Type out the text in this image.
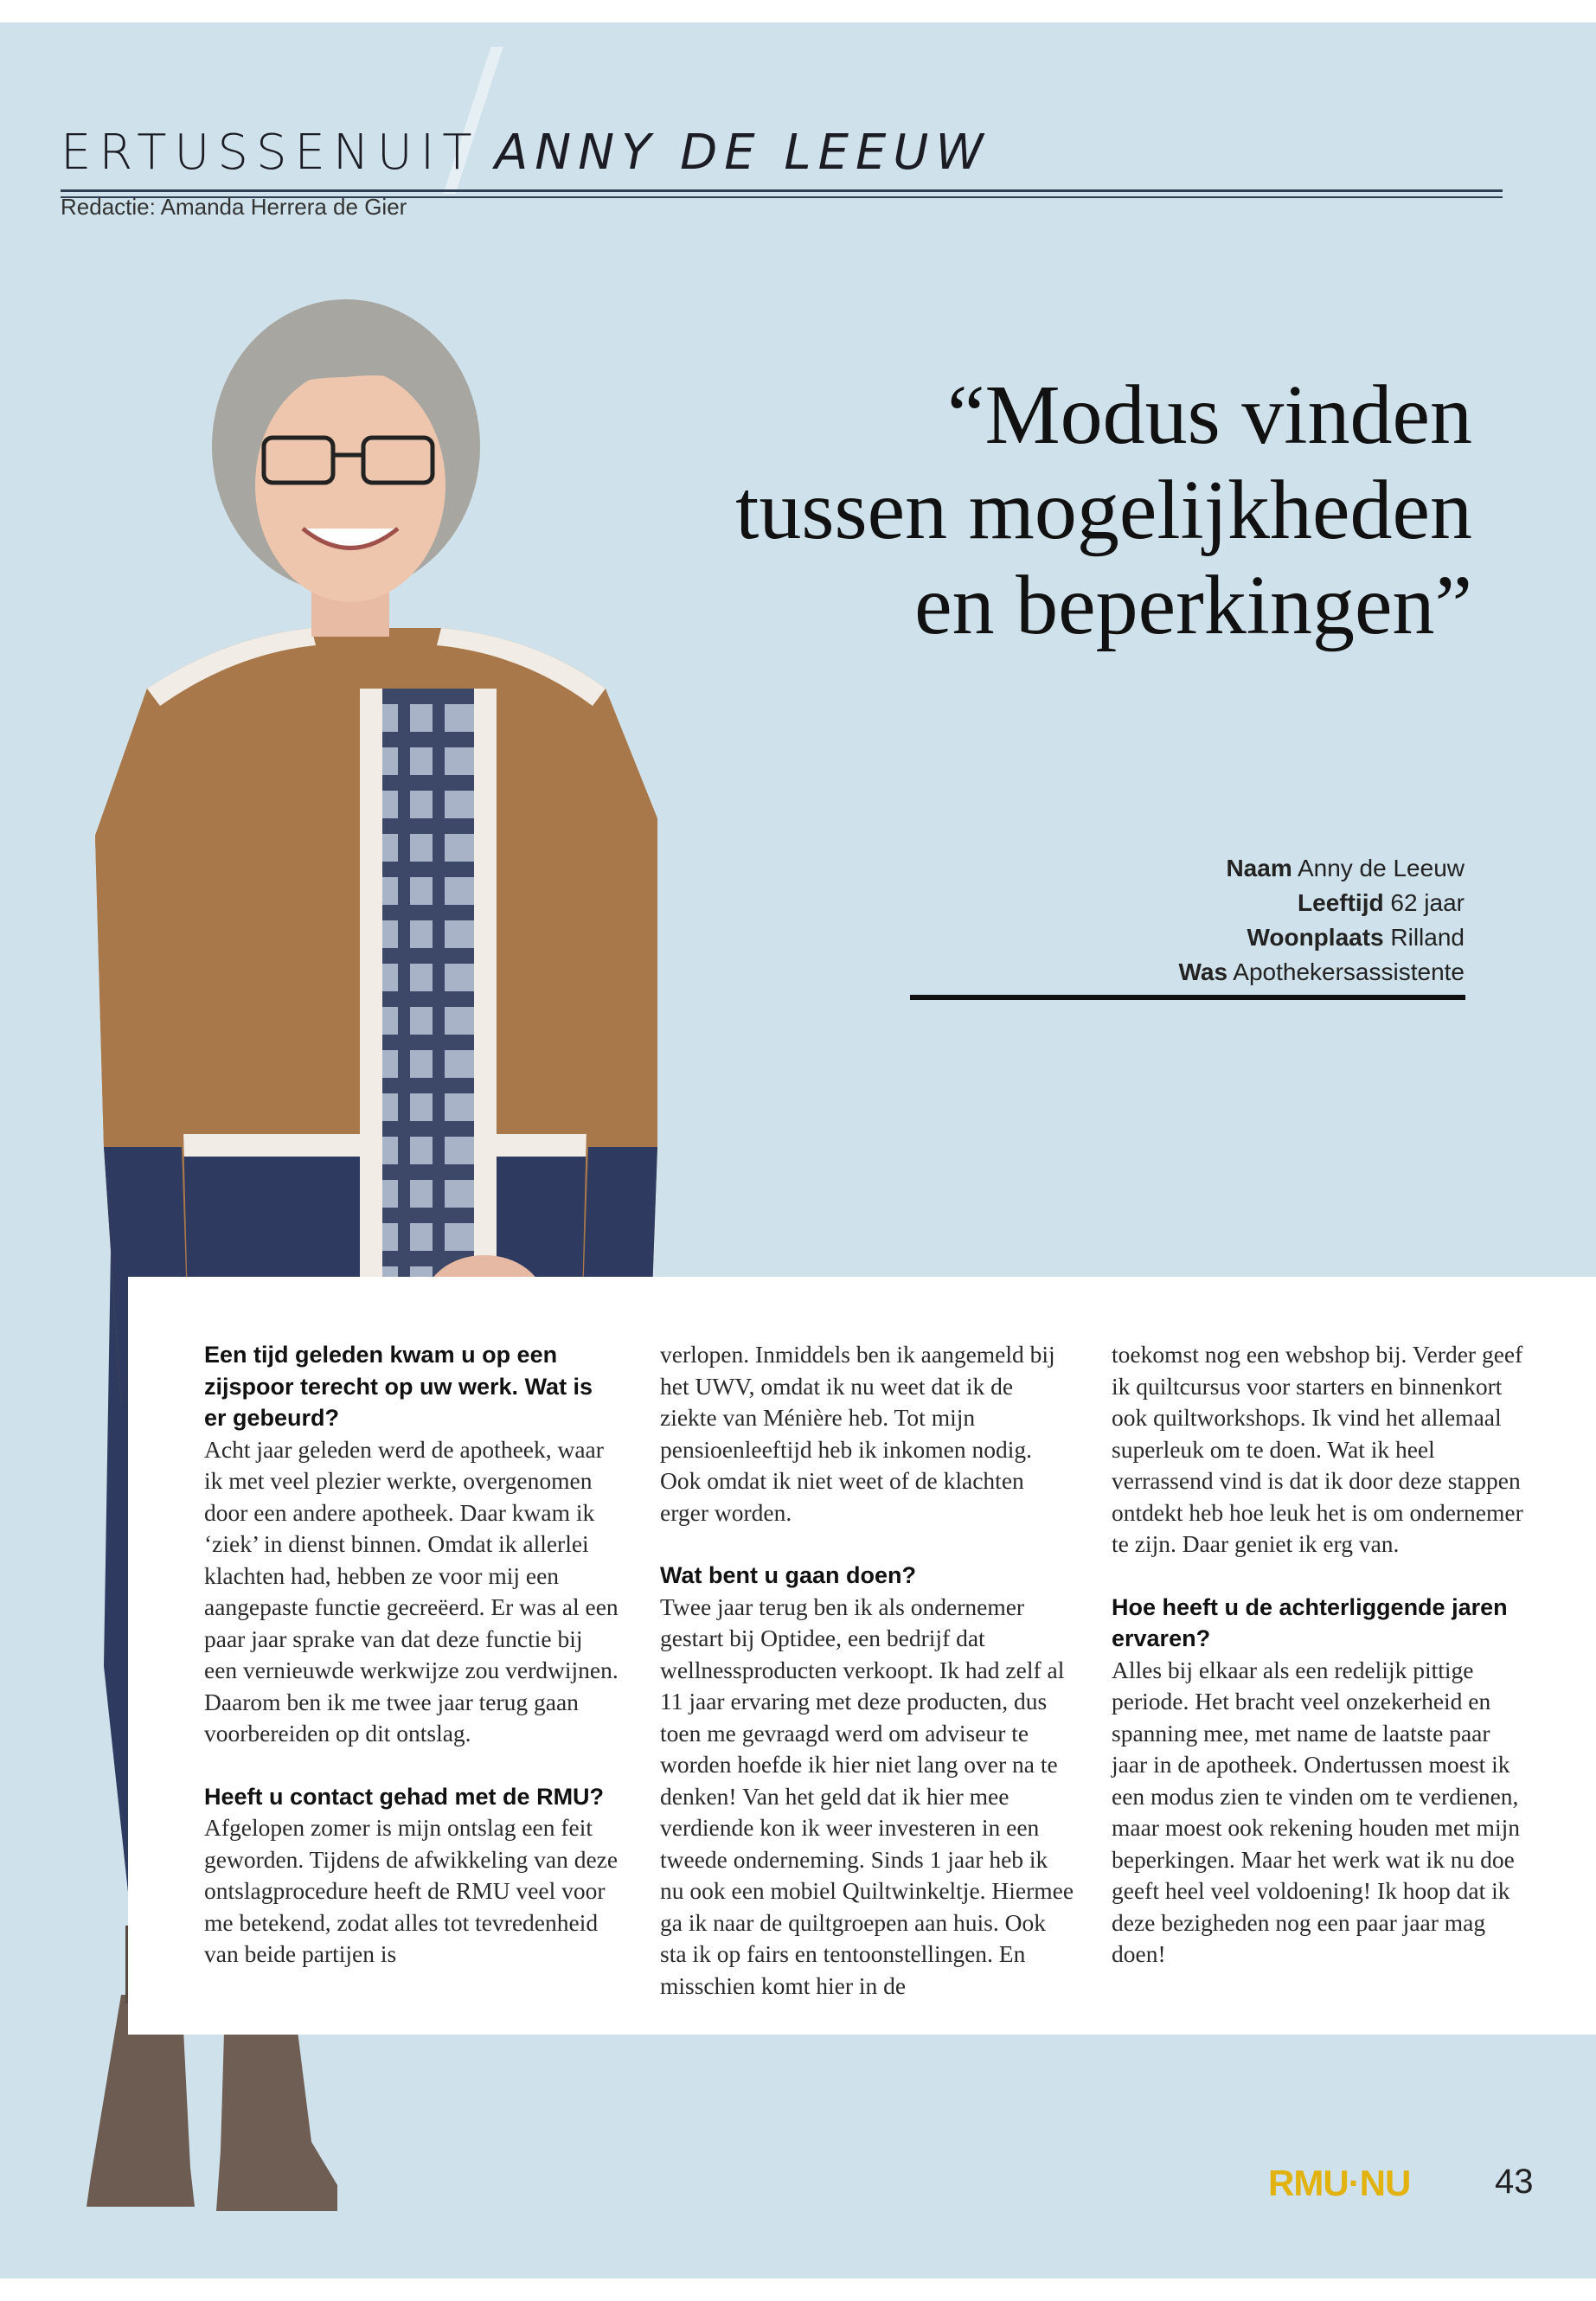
ERTUSSENUIT ANNY DE LEEUW
Redactie: Amanda Herrera de Gier
“Modus vinden
tussen mogelijkheden
en beperkingen”
Naam Anny de Leeuw
Leeftijd 62 jaar
Woonplaats Rilland
Was Apothekersassistente

Een tijd geleden kwam u op een zijspoor terecht op uw werk. Wat is er gebeurd?

Acht jaar geleden werd de apotheek, waar ik met veel plezier werkte, overgenomen door een andere apotheek. Daar kwam ik ‘ziek’ in dienst binnen. Omdat ik allerlei klachten had, hebben ze voor mij een aangepaste functie gecreëerd. Er was al een paar jaar sprake van dat deze functie bij een vernieuwde werkwijze zou verdwijnen. Daarom ben ik me twee jaar terug gaan voorbereiden op dit ontslag.

Heeft u contact gehad met de RMU?

Afgelopen zomer is mijn ontslag een feit geworden. Tijdens de afwikkeling van deze ontslagprocedure heeft de RMU veel voor me betekend, zodat alles tot tevredenheid van beide partijen is

verlopen. Inmiddels ben ik aangemeld bij het UWV, omdat ik nu weet dat ik de ziekte van Ménière heb. Tot mijn pensioenleeftijd heb ik inkomen nodig. Ook omdat ik niet weet of de klachten erger worden.

Wat bent u gaan doen?

Twee jaar terug ben ik als ondernemer gestart bij Optidee, een bedrijf dat wellnessproducten verkoopt. Ik had zelf al 11 jaar ervaring met deze producten, dus toen me gevraagd werd om adviseur te worden hoefde ik hier niet lang over na te denken! Van het geld dat ik hier mee verdiende kon ik weer investeren in een tweede onderneming. Sinds 1 jaar heb ik nu ook een mobiel Quiltwinkeltje. Hiermee ga ik naar de quiltgroepen aan huis. Ook sta ik op fairs en tentoonstellingen. En misschien komt hier in de

toekomst nog een webshop bij. Verder geef ik quiltcursus voor starters en binnenkort ook quiltworkshops. Ik vind het allemaal superleuk om te doen. Wat ik heel verrassend vind is dat ik door deze stappen ontdekt heb hoe leuk het is om ondernemer te zijn. Daar geniet ik erg van.

Hoe heeft u de achterliggende jaren ervaren?

Alles bij elkaar als een redelijk pittige periode. Het bracht veel onzekerheid en spanning mee, met name de laatste paar jaar in de apotheek. Ondertussen moest ik een modus zien te vinden om te verdienen, maar moest ook rekening houden met mijn beperkingen. Maar het werk wat ik nu doe geeft heel veel voldoening! Ik hoop dat ik deze bezigheden nog een paar jaar mag doen!

RMU·NU 43
